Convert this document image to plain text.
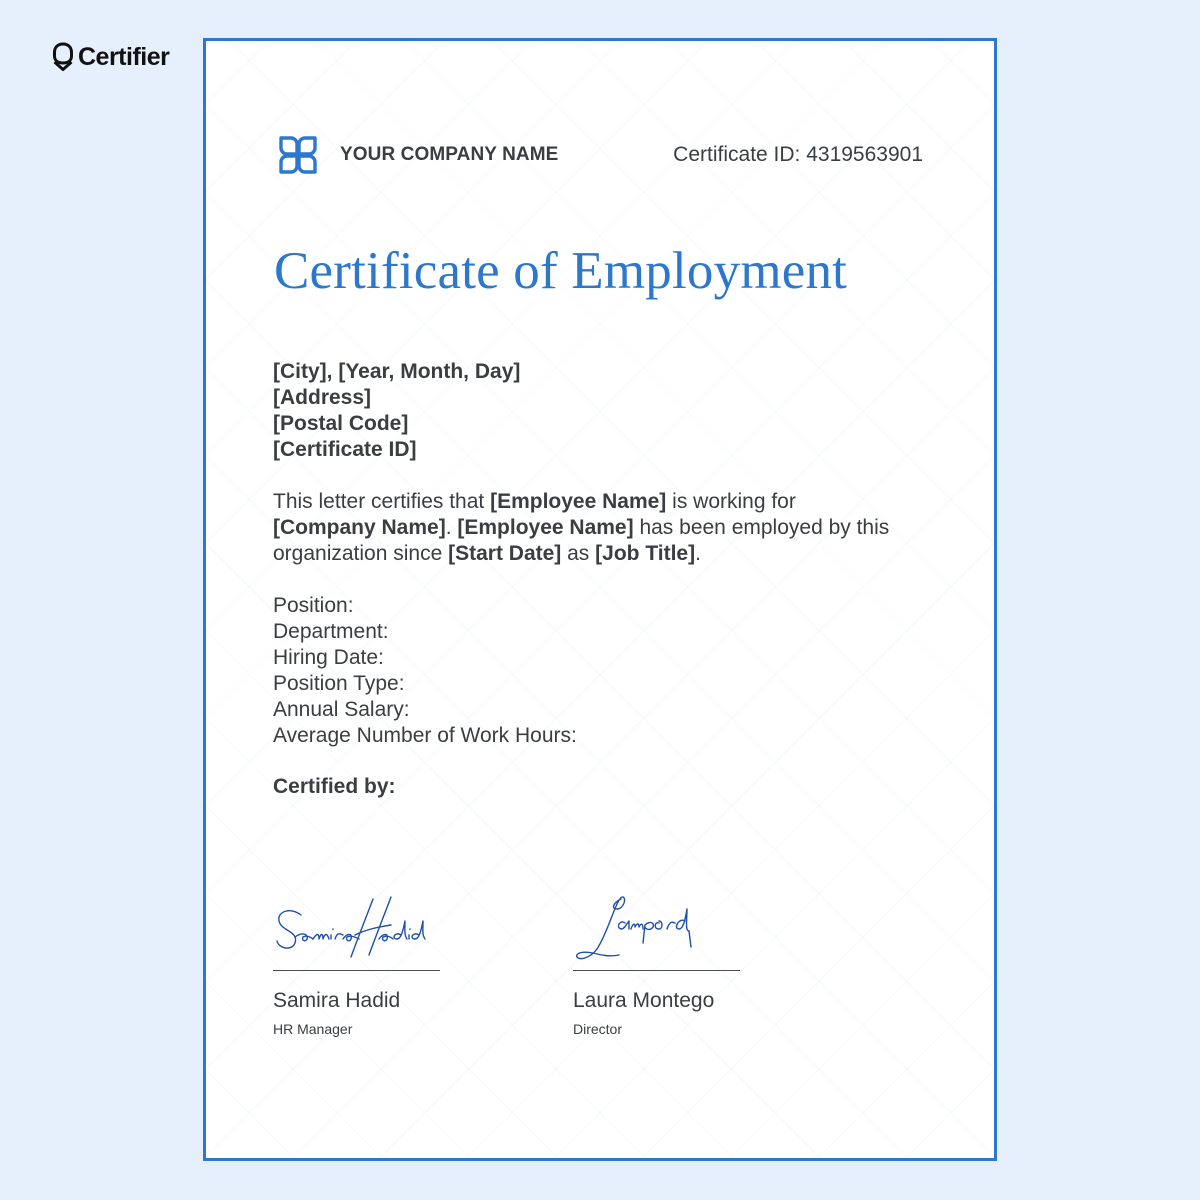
Certifier
YOUR COMPANY NAME	Certificate ID: 4319563901
Certificate of Employment
[City], [Year, Month, Day]
[Address]
[Postal Code]
[Certificate ID]
This letter certifies that [Employee Name] is working for [Company Name]. [Employee Name] has been employed by this organization since [Start Date] as [Job Title].
Position:
Department:
Hiring Date:
Position Type:
Annual Salary:
Average Number of Work Hours:
Certified by:
Samira Hadid
HR Manager
Laura Montego
Director
